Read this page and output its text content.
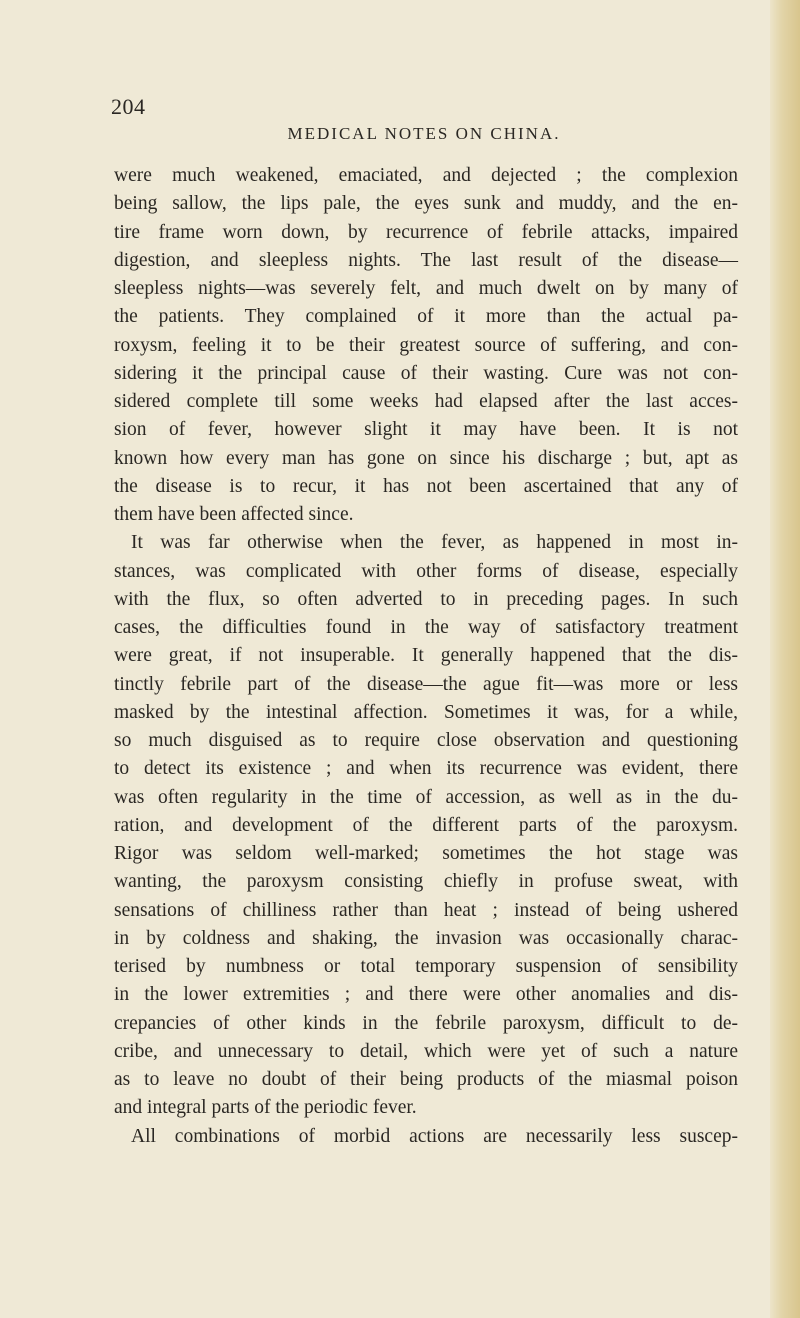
204
MEDICAL NOTES ON CHINA.
were much weakened, emaciated, and dejected ; the complexion
being sallow, the lips pale, the eyes sunk and muddy, and the en-
tire frame worn down, by recurrence of febrile attacks, impaired
digestion, and sleepless nights. The last result of the disease—
sleepless nights—was severely felt, and much dwelt on by many of
the patients. They complained of it more than the actual pa-
roxysm, feeling it to be their greatest source of suffering, and con-
sidering it the principal cause of their wasting. Cure was not con-
sidered complete till some weeks had elapsed after the last acces-
sion of fever, however slight it may have been. It is not
known how every man has gone on since his discharge ; but, apt as
the disease is to recur, it has not been ascertained that any of
them have been affected since.
It was far otherwise when the fever, as happened in most in-
stances, was complicated with other forms of disease, especially
with the flux, so often adverted to in preceding pages. In such
cases, the difficulties found in the way of satisfactory treatment
were great, if not insuperable. It generally happened that the dis-
tinctly febrile part of the disease—the ague fit—was more or less
masked by the intestinal affection. Sometimes it was, for a while,
so much disguised as to require close observation and questioning
to detect its existence ; and when its recurrence was evident, there
was often regularity in the time of accession, as well as in the du-
ration, and development of the different parts of the paroxysm.
Rigor was seldom well-marked; sometimes the hot stage was
wanting, the paroxysm consisting chiefly in profuse sweat, with
sensations of chilliness rather than heat ; instead of being ushered
in by coldness and shaking, the invasion was occasionally charac-
terised by numbness or total temporary suspension of sensibility
in the lower extremities ; and there were other anomalies and dis-
crepancies of other kinds in the febrile paroxysm, difficult to de-
cribe, and unnecessary to detail, which were yet of such a nature
as to leave no doubt of their being products of the miasmal poison
and integral parts of the periodic fever.
All combinations of morbid actions are necessarily less suscep-
